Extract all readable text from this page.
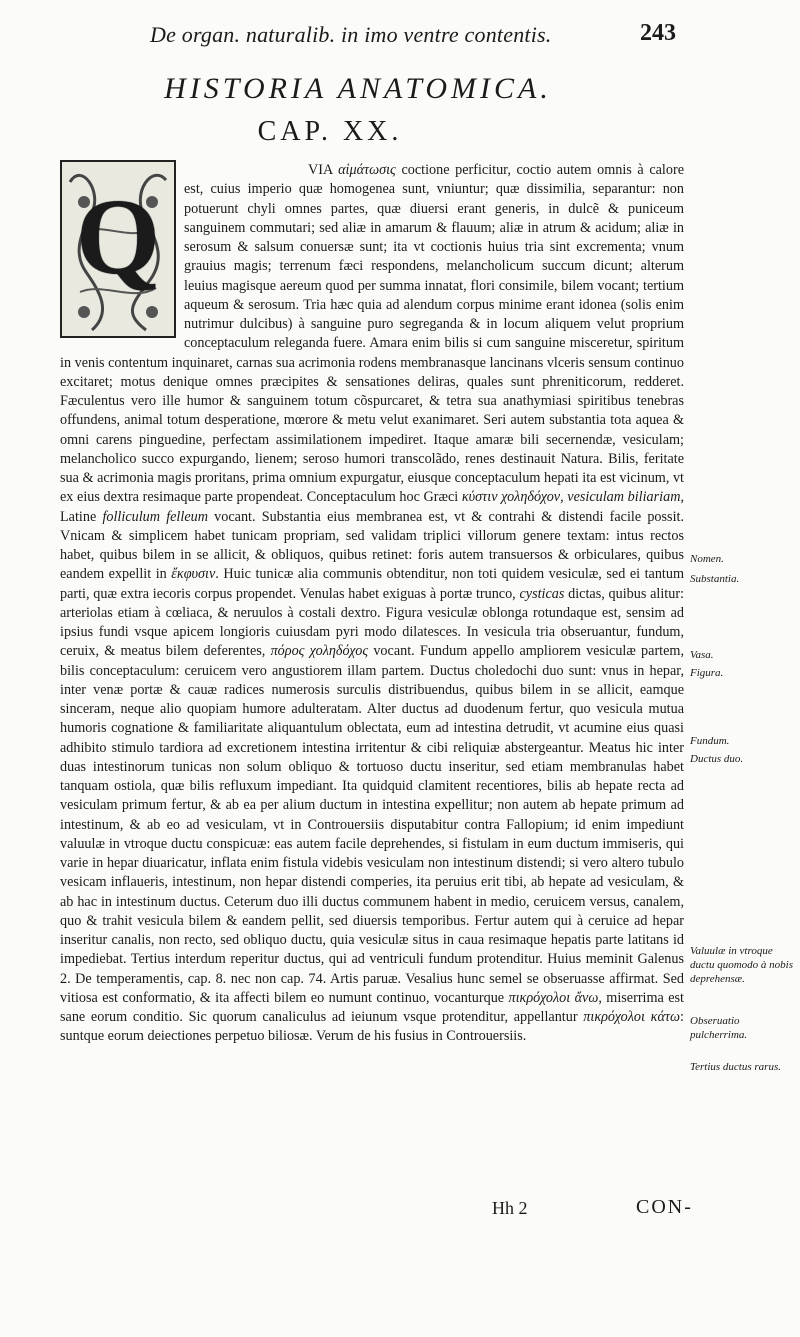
De organ. naturalib. in imo ventre contentis.	243
HISTORIA ANATOMICA.
CAP. XX.
Q

VIA αἱμάτωσις coctione perficitur, coctio autem omnis à calore est, cuius imperio quæ homogenea sunt, vniuntur; quæ dissimilia, separantur: non potuerunt chyli omnes partes, quæ diuersi erant generis, in dulcẽ & puniceum sanguinem commutari; sed aliæ in amarum & flauum; aliæ in atrum & acidum; aliæ in serosum & salsum conuersæ sunt; ita vt coctionis huius tria sint excrementa; vnum grauius magis; terrenum fæci respondens, melancholicum succum dicunt; alterum leuius magisque aereum quod per summa innatat, flori consimile, bilem vocant; tertium aqueum & serosum. Tria hæc quia ad alendum corpus minime erant idonea (solis enim nutrimur dulcibus) à sanguine puro segreganda & in locum aliquem velut proprium conceptaculum releganda fuere. Amara enim bilis si cum sanguine misceretur, spiritum in venis contentum inquinaret, carnas sua acrimonia rodens membranasque lancinans vlceris sensum continuo excitaret; motus denique omnes præcipites & sensationes deliras, quales sunt phreniticorum, redderet. Fæculentus vero ille humor & sanguinem totum cõspurcaret, & tetra sua anathymiasi spiritibus tenebras offundens, animal totum desperatione, mœrore & metu velut exanimaret. Seri autem substantia tota aquea & omni carens pinguedine, perfectam assimilationem impediret. Itaque amaræ bili secernendæ, vesiculam; melancholico succo expurgando, lienem; seroso humori transcolãdo, renes destinauit Natura. Bilis, feritate sua & acrimonia magis proritans, prima omnium expurgatur, eiusque conceptaculum hepati ita est vicinum, vt ex eius dextra resimaque parte propendeat. Conceptaculum hoc Græci κύστιν χοληδόχον, vesiculam biliariam, Latine folliculum felleum vocant. Substantia eius membranea est, vt & contrahi & distendi facile possit. Vnicam & simplicem habet tunicam propriam, sed validam triplici villorum genere textam: intus rectos habet, quibus bilem in se allicit, & obliquos, quibus retinet: foris autem transuersos & orbiculares, quibus eandem expellit in ἔκφυσιν. Huic tunicæ alia communis obtenditur, non toti quidem vesiculæ, sed ei tantum parti, quæ extra iecoris corpus propendet. Venulas habet exiguas à portæ trunco, cysticas dictas, quibus alitur: arteriolas etiam à cœliaca, & neruulos à costali dextro. Figura vesiculæ oblonga rotundaque est, sensim ad ipsius fundi vsque apicem longioris cuiusdam pyri modo dilatesces. In vesicula tria obseruantur, fundum, ceruix, & meatus bilem deferentes, πόρος χοληδόχος vocant. Fundum appello ampliorem vesiculæ partem, bilis conceptaculum: ceruicem vero angustiorem illam partem. Ductus choledochi duo sunt: vnus in hepar, inter venæ portæ & cauæ radices numerosis surculis distribuendus, quibus bilem in se allicit, eamque sinceram, neque alio quopiam humore adulteratam. Alter ductus ad duodenum fertur, quo vesicula mutua humoris cognatione & familiaritate aliquantulum oblectata, eum ad intestina detrudit, vt acumine eius quasi adhibito stimulo tardiora ad excretionem intestina irritentur & cibi reliquiæ abstergeantur. Meatus hic inter duas intestinorum tunicas non solum obliquo & tortuoso ductu inseritur, sed etiam membranulas habet tanquam ostiola, quæ bilis refluxum impediant. Ita quidquid clamitent recentiores, bilis ab hepate recta ad vesiculam primum fertur, & ab ea per alium ductum in intestina expellitur; non autem ab hepate primum ad intestinum, & ab eo ad vesiculam, vt in Controuersiis disputabitur contra Fallopium; id enim impediunt valuulæ in vtroque ductu conspicuæ: eas autem facile deprehendes, si fistulam in eum ductum immiseris, qui varie in hepar diuaricatur, inflata enim fistula videbis vesiculam non intestinum distendi; si vero altero tubulo vesicam inflaueris, intestinum, non hepar distendi comperies, ita peruius erit tibi, ab hepate ad vesiculam, & ab hac in intestinum ductus. Ceterum duo illi ductus communem habent in medio, ceruicem versus, canalem, quo & trahit vesicula bilem & eandem pellit, sed diuersis temporibus. Fertur autem qui à ceruice ad hepar inseritur canalis, non recto, sed obliquo ductu, quia vesiculæ situs in caua resimaque hepatis parte latitans id impediebat. Tertius interdum reperitur ductus, qui ad ventriculi fundum protenditur. Huius meminit Galenus 2. De temperamentis, cap. 8. nec non cap. 74. Artis paruæ. Vesalius hunc semel se obseruasse affirmat. Sed vitiosa est conformatio, & ita affecti bilem eo numunt continuo, vocanturque πικρόχολοι ἄνω, miserrima est sane eorum conditio. Sic quorum canaliculus ad ieiunum vsque protenditur, appellantur πικρόχολοι κάτω: suntque eorum deiectiones perpetuo biliosæ. Verum de his fusius in Controuersiis.

Nomen.
Substantia.
Vasa.
Figura.
Fundum.
Ductus duo.
Valuulæ in vtroque ductu quomodo à nobis deprehensæ.
Obseruatio pulcherrima.
Tertius ductus rarus.
Hh 2	CON-
